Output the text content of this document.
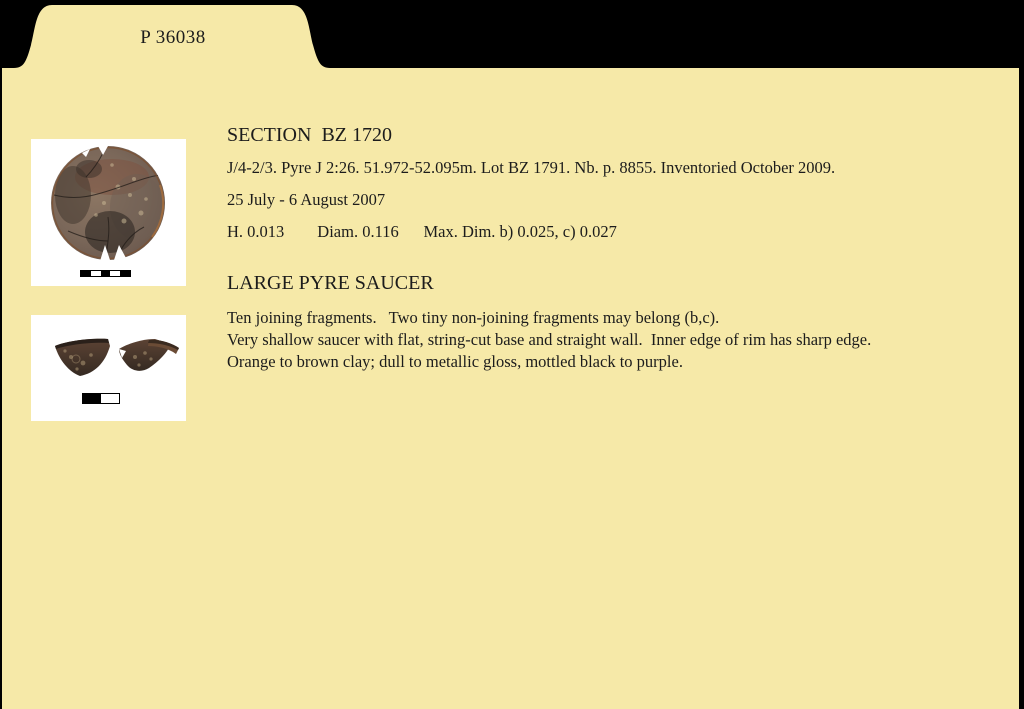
P 36038
SECTION  BZ 1720
J/4-2/3. Pyre J 2:26. 51.972-52.095m. Lot BZ 1791. Nb. p. 8855. Inventoried October 2009.
25 July - 6 August 2007
H. 0.013        Diam. 0.116      Max. Dim. b) 0.025, c) 0.027
LARGE PYRE SAUCER
Ten joining fragments.   Two tiny non-joining fragments may belong (b,c).
Very shallow saucer with flat, string-cut base and straight wall.  Inner edge of rim has sharp edge.
Orange to brown clay; dull to metallic gloss, mottled black to purple.
